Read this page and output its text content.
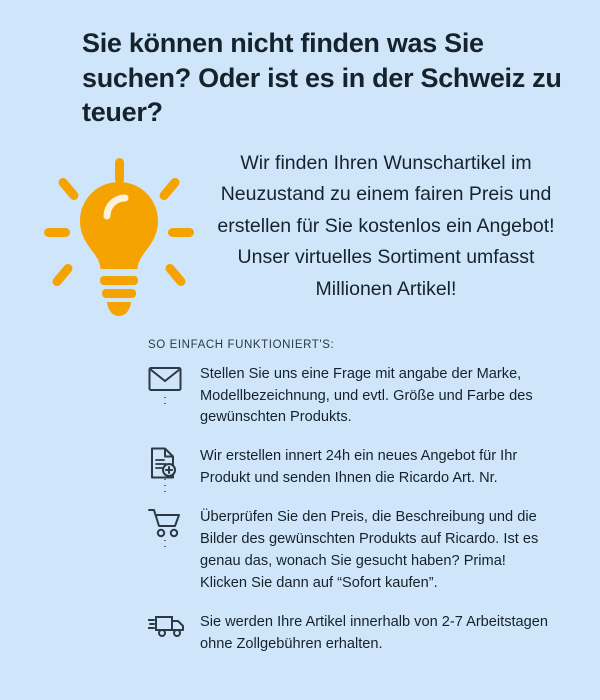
Sie können nicht finden was Sie suchen? Oder ist es in der Schweiz zu teuer?
Wir finden Ihren Wunschartikel im Neuzustand zu einem fairen Preis und erstellen für Sie kostenlos ein Angebot! Unser virtuelles Sortiment umfasst Millionen Artikel!
SO EINFACH FUNKTIONIERT'S:
Stellen Sie uns eine Frage mit angabe der Marke, Modellbezeichnung, und evtl. Größe und Farbe des gewünschten Produkts.
Wir erstellen innert 24h ein neues Angebot für Ihr Produkt und senden Ihnen die Ricardo Art. Nr.
Überprüfen Sie den Preis, die Beschreibung und die Bilder des gewünschten Produkts auf Ricardo. Ist es genau das, wonach Sie gesucht haben? Prima! Klicken Sie dann auf “Sofort kaufen”.
Sie werden Ihre Artikel innerhalb von 2-7 Arbeitstagen ohne Zollgebühren erhalten.
